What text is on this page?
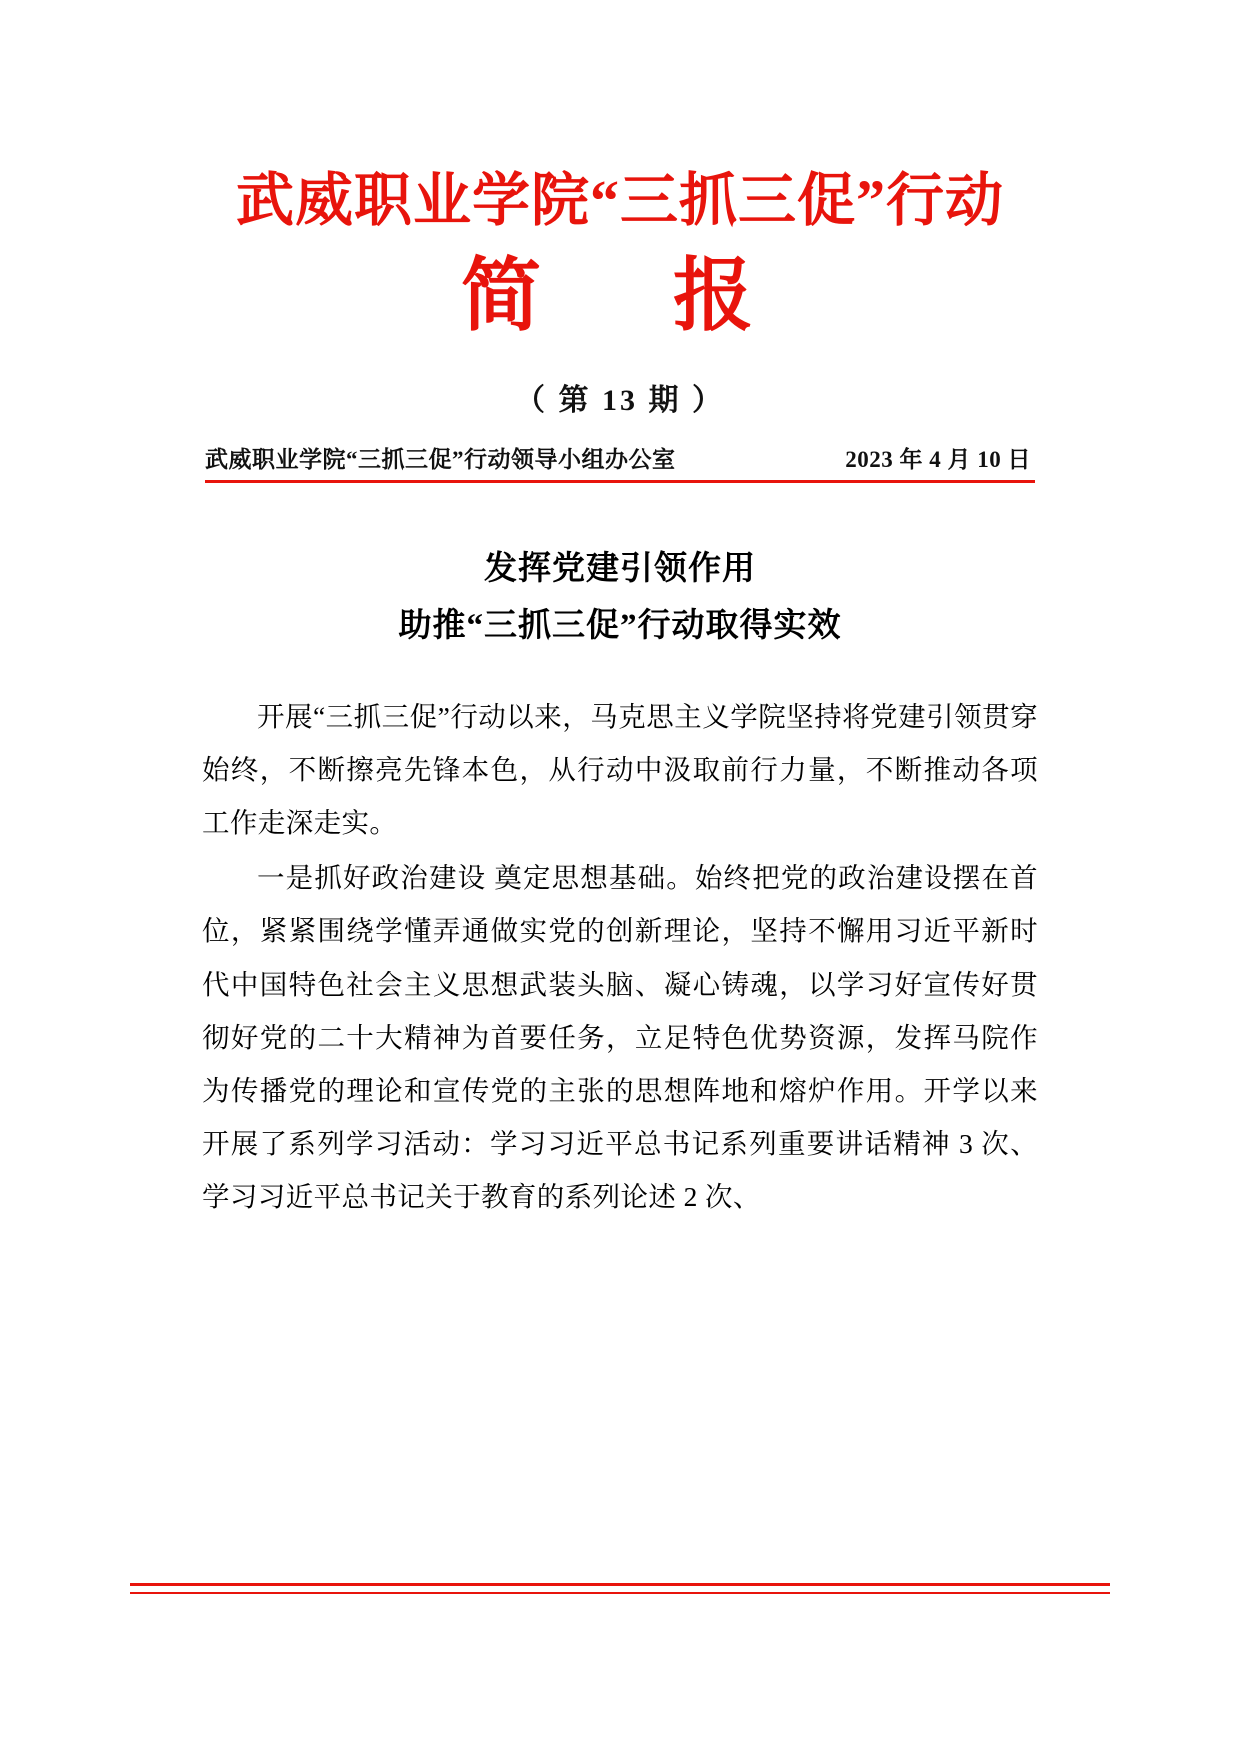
武威职业学院“三抓三促”行动
简　报
（ 第 13 期 ）
武威职业学院“三抓三促”行动领导小组办公室	2023 年 4 月 10 日
发挥党建引领作用
助推“三抓三促”行动取得实效

开展“三抓三促”行动以来，马克思主义学院坚持将党建引领贯穿始终，不断擦亮先锋本色，从行动中汲取前行力量，不断推动各项工作走深走实。

一是抓好政治建设 奠定思想基础。始终把党的政治建设摆在首位，紧紧围绕学懂弄通做实党的创新理论，坚持不懈用习近平新时代中国特色社会主义思想武装头脑、凝心铸魂，以学习好宣传好贯彻好党的二十大精神为首要任务，立足特色优势资源，发挥马院作为传播党的理论和宣传党的主张的思想阵地和熔炉作用。开学以来开展了系列学习活动：学习习近平总书记系列重要讲话精神 3 次、学习习近平总书记关于教育的系列论述 2 次、
